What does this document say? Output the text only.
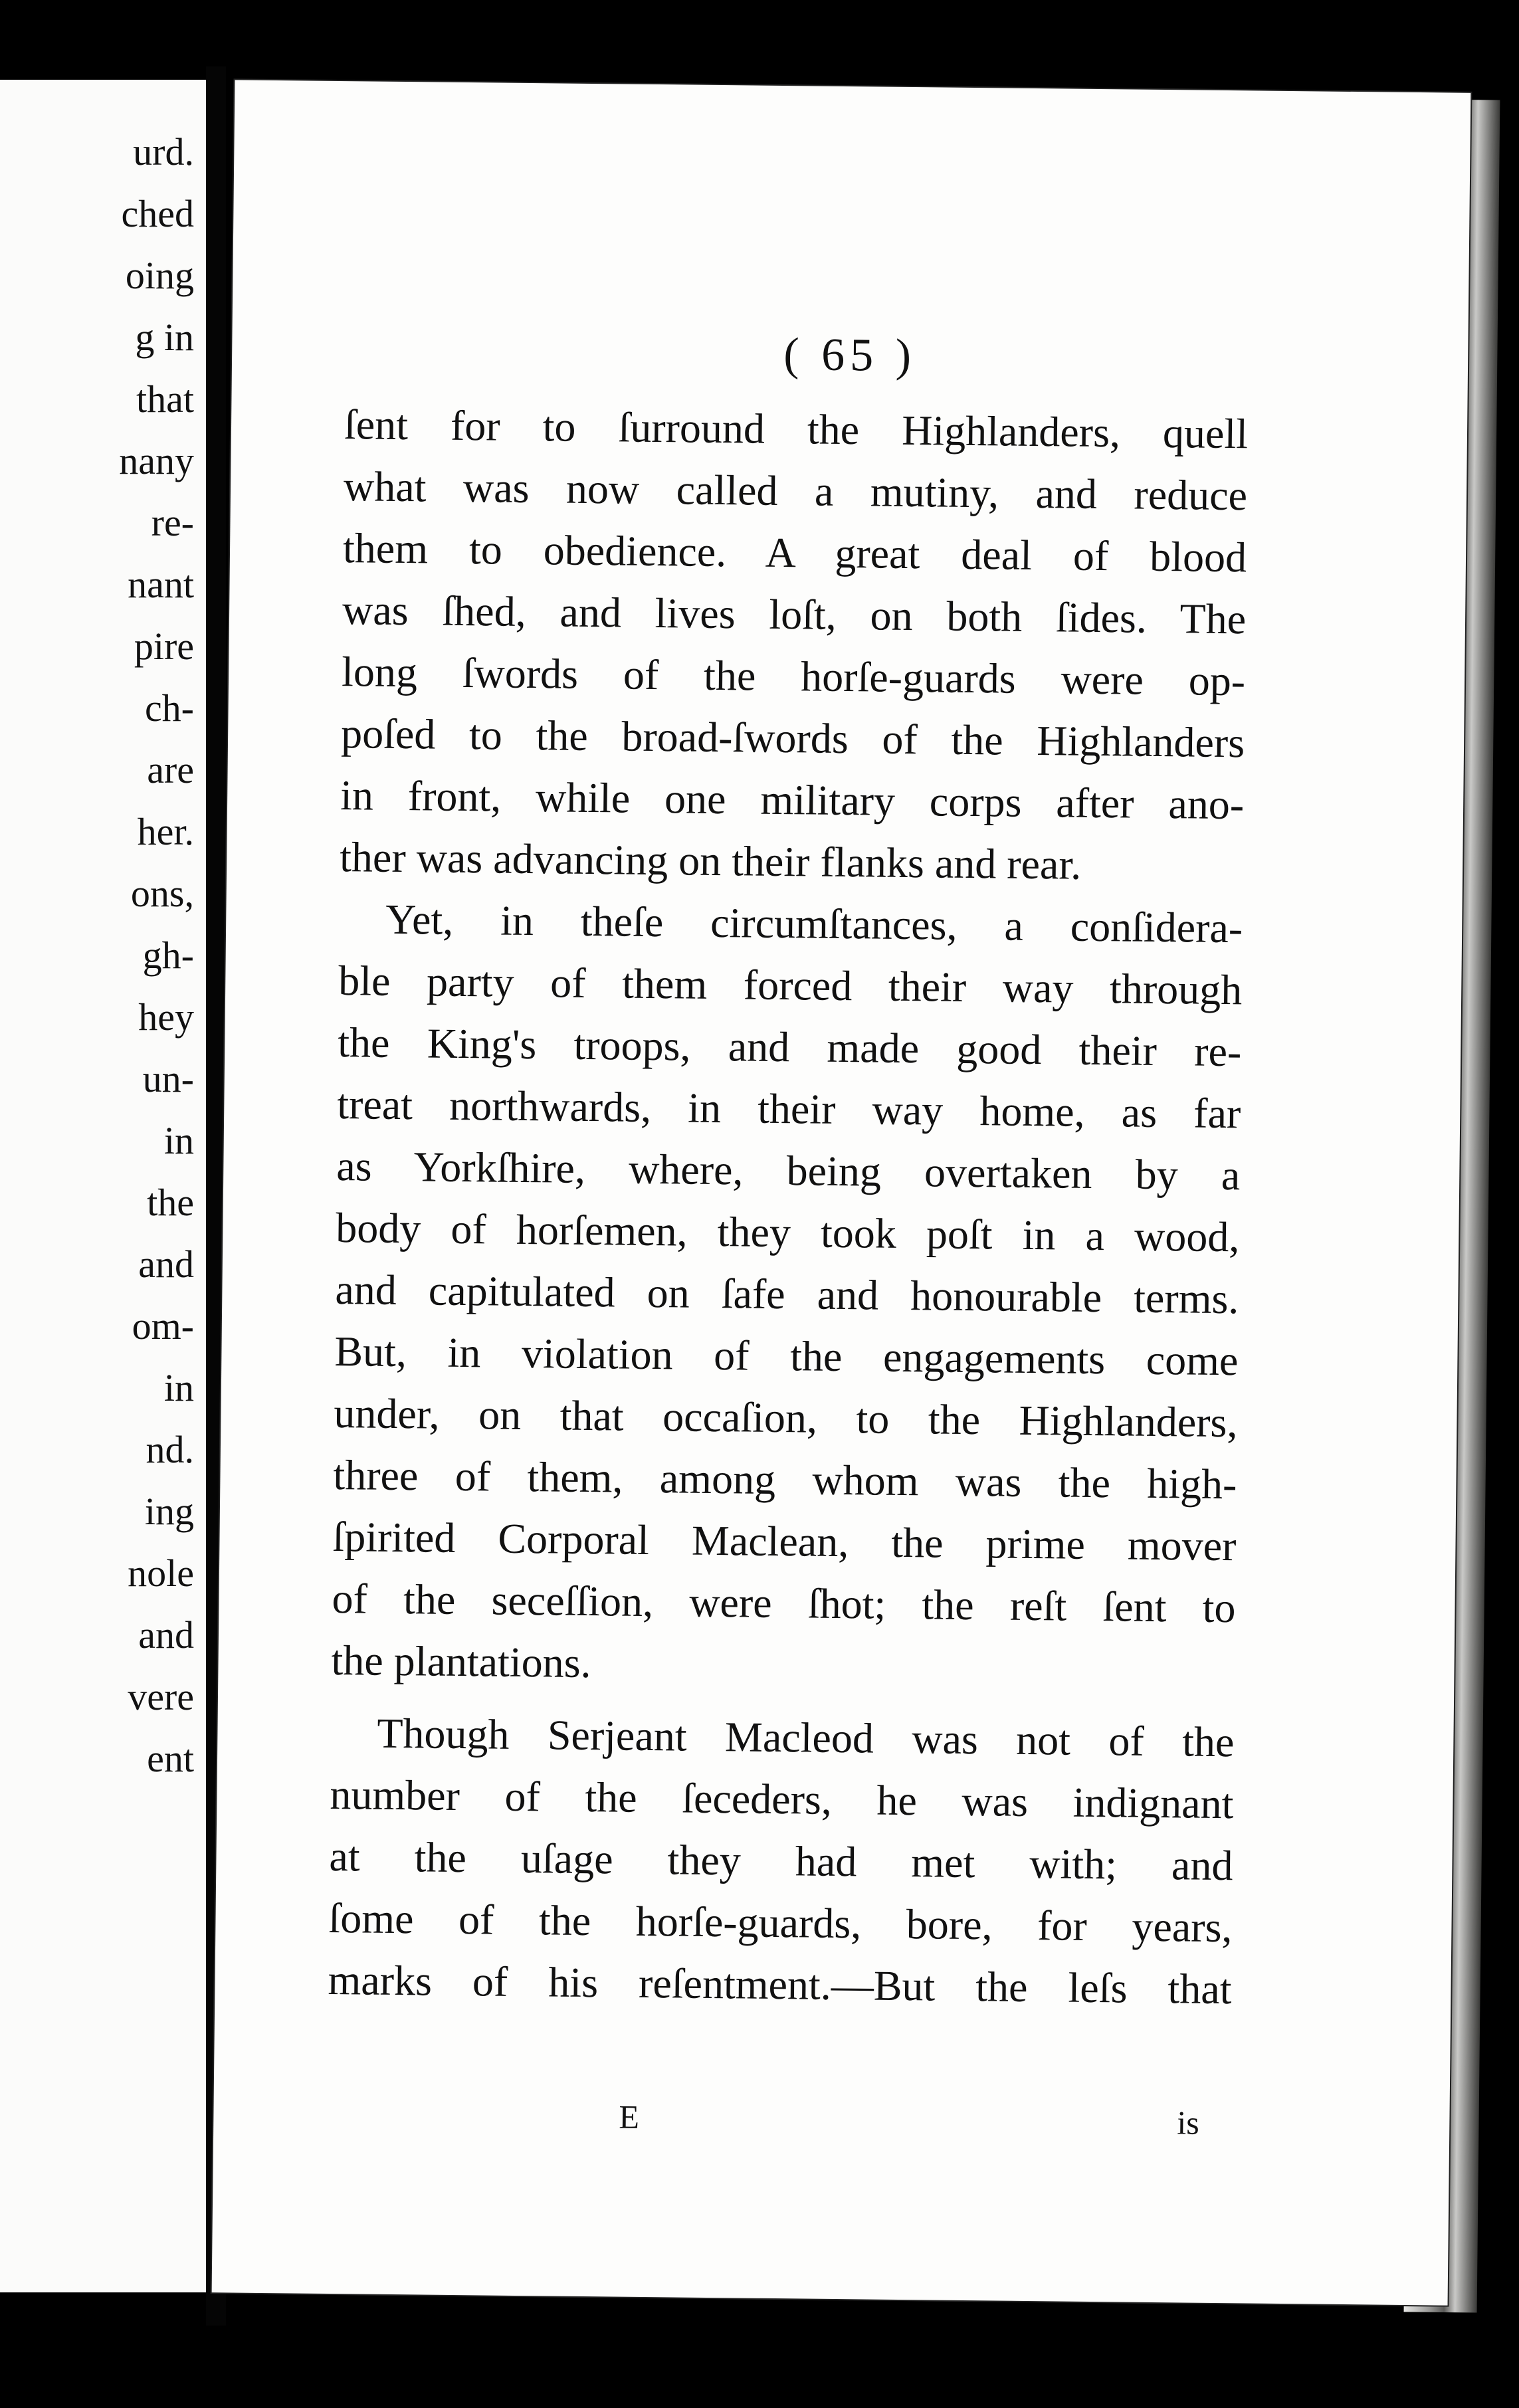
urd.
ched
oing
g in
that
nany
re-
nant
pire
ch-
are
her.
ons,
gh-
hey
un-
in
the
and
om-
in
nd.
ing
nole
and
vere
ent
( 65 )
ſent for to ſurround the Highlanders, quell
what was now called a mutiny, and reduce
them to obedience. A great deal of blood
was ſhed, and lives loſt, on both ſides. The
long ſwords of the horſe-guards were op-
poſed to the broad-ſwords of the Highlanders
in front, while one military corps after ano-
ther was advancing on their flanks and rear.
Yet, in theſe circumſtances, a conſidera-
ble party of them forced their way through
the King's troops, and made good their re-
treat northwards, in their way home, as far
as Yorkſhire, where, being overtaken by a
body of horſemen, they took poſt in a wood,
and capitulated on ſafe and honourable terms.
But, in violation of the engagements come
under, on that occaſion, to the Highlanders,
three of them, among whom was the high-
ſpirited Corporal Maclean, the prime mover
of the seceſſion, were ſhot; the reſt ſent to
the plantations.
Though Serjeant Macleod was not of the
number of the ſeceders, he was indignant
at the uſage they had met with; and
ſome of the horſe-guards, bore, for years,
marks of his reſentment.—But the leſs that
E	is
